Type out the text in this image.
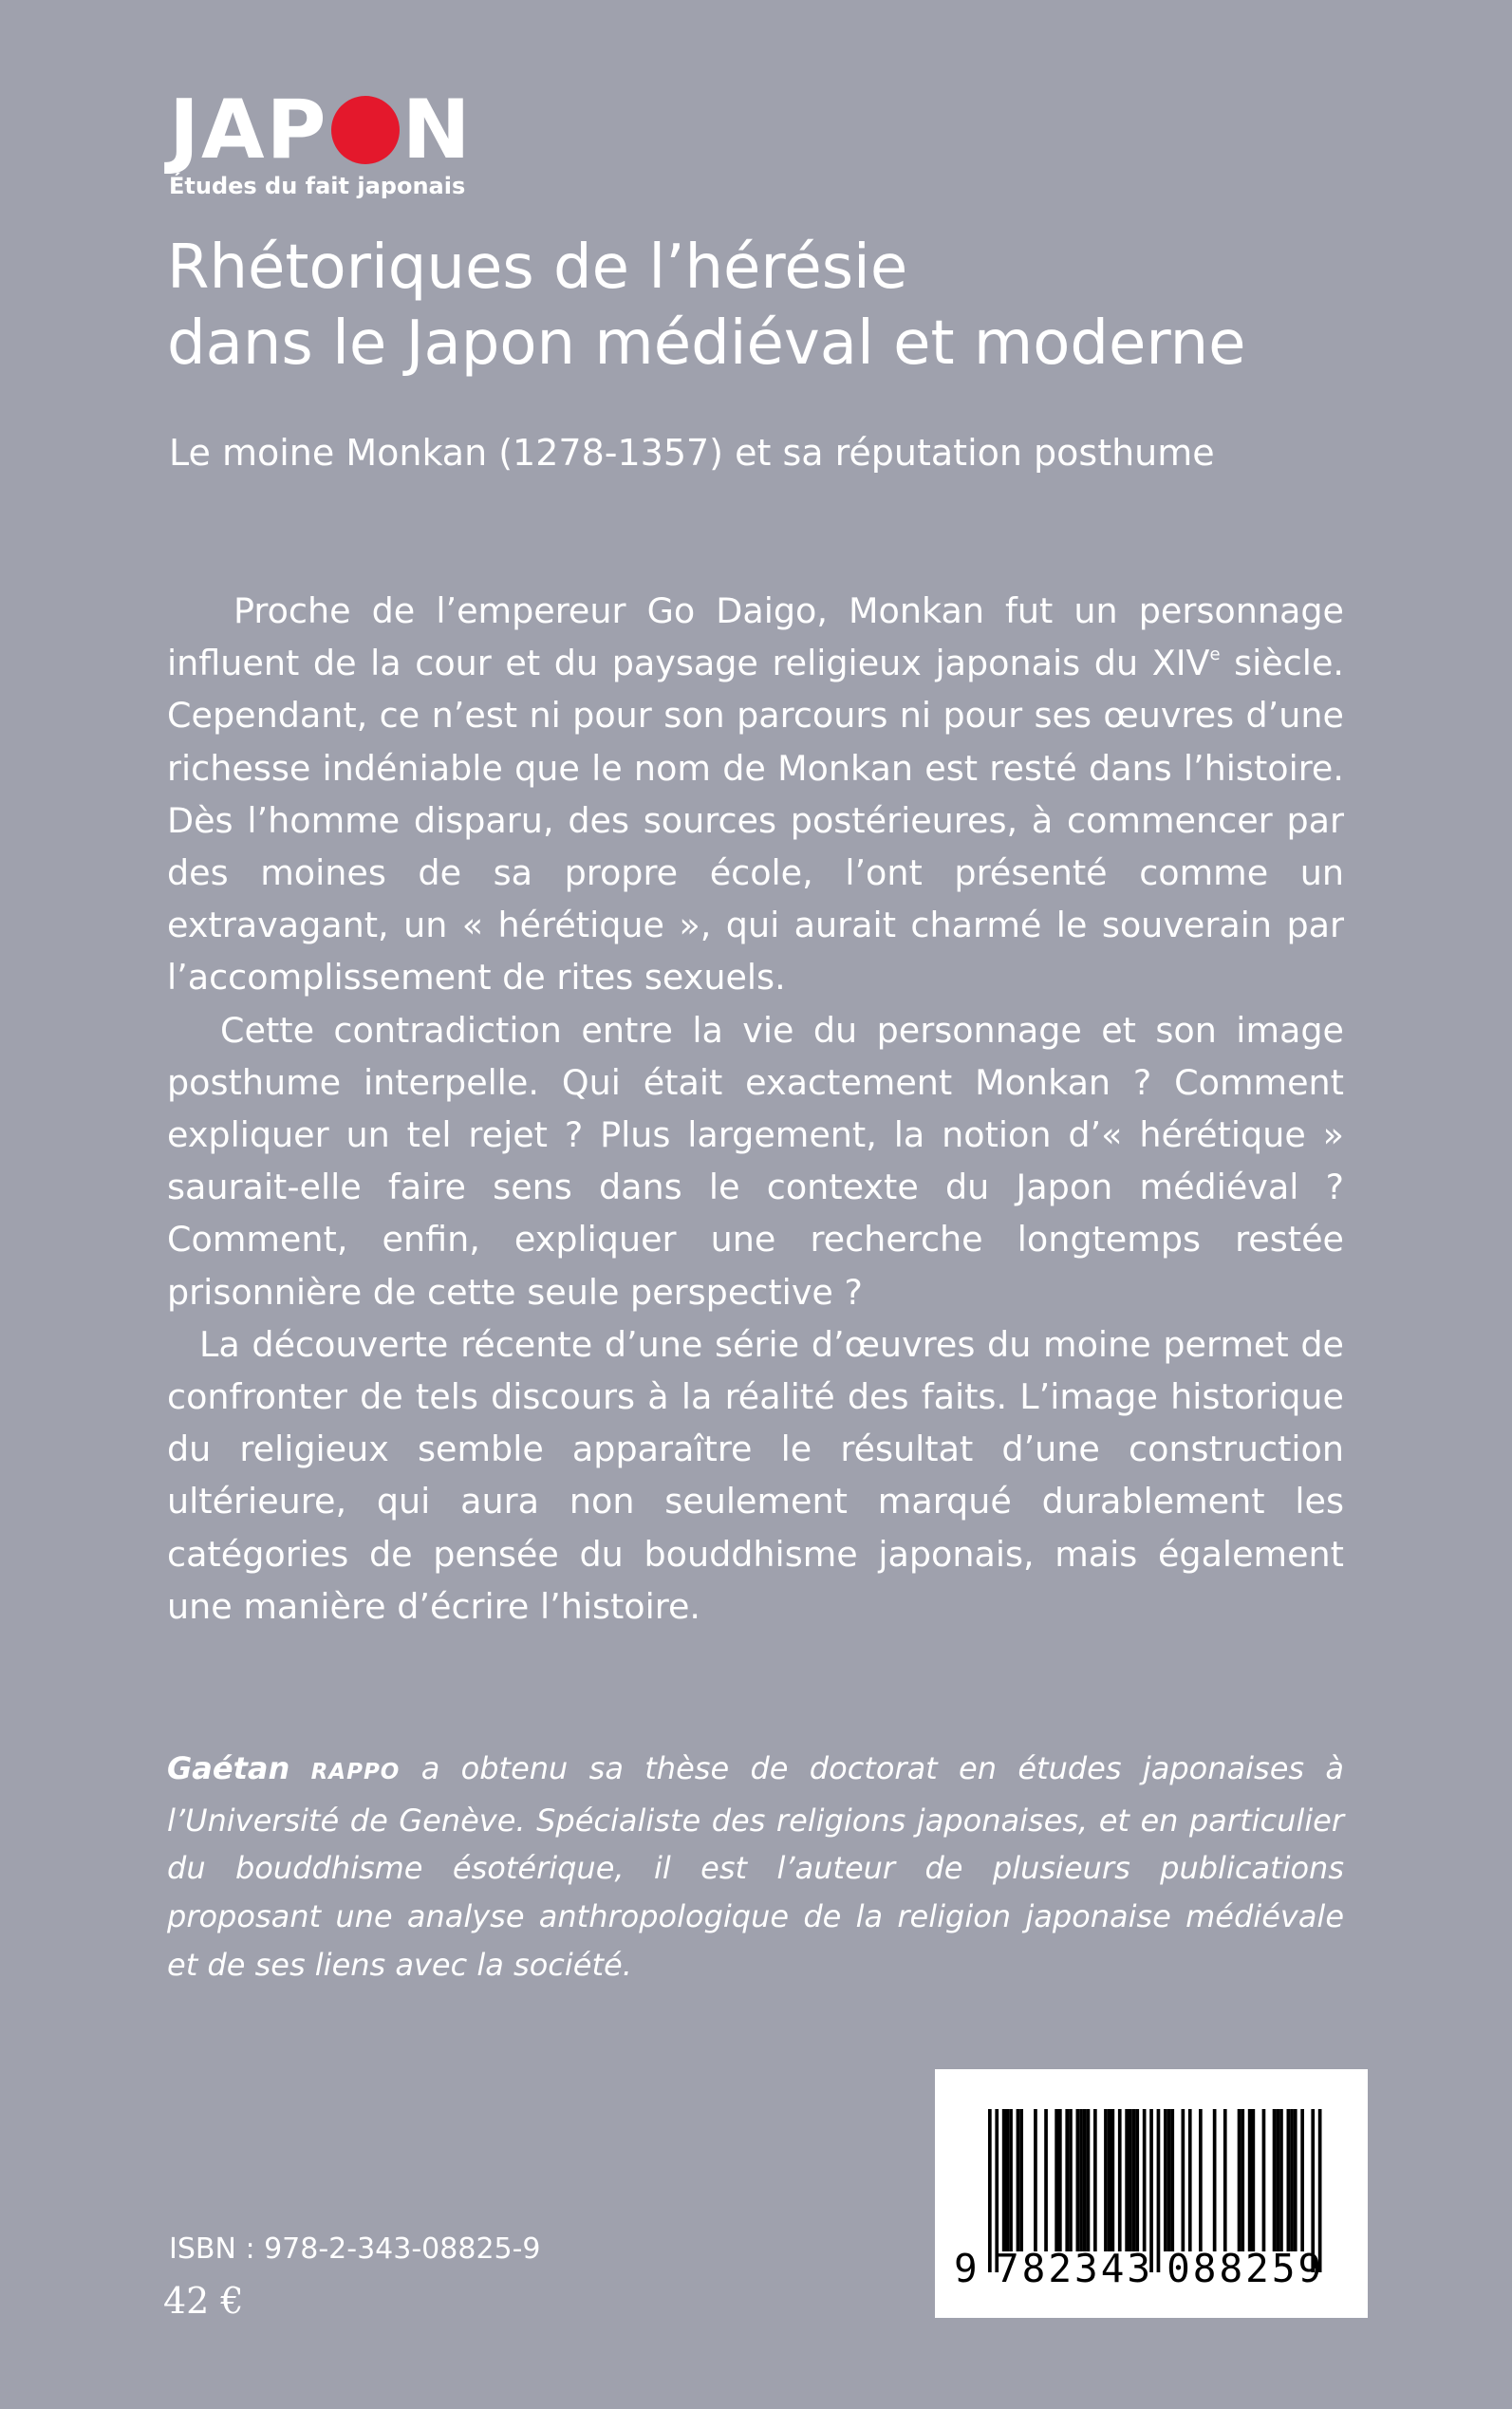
JAP N
Études du fait japonais
Rhétoriques de l’hérésie
dans le Japon médiéval et moderne
Le moine Monkan (1278-1357) et sa réputation posthume

Proche de l’empereur Go Daigo, Monkan fut un personnage influent de la cour et du paysage religieux japonais du XIVe siècle. Cependant, ce n’est ni pour son parcours ni pour ses œuvres d’une richesse indéniable que le nom de Monkan est resté dans l’histoire. Dès l’homme disparu, des sources postérieures, à commencer par des moines de sa propre école, l’ont présenté comme un extravagant, un « hérétique », qui aurait charmé le souverain par l’accomplissement de rites sexuels.

Cette contradiction entre la vie du personnage et son image posthume interpelle. Qui était exactement Monkan ? Comment expliquer un tel rejet ? Plus largement, la notion d’« hérétique » saurait-elle faire sens dans le contexte du Japon médiéval ? Comment, enfin, expliquer une recherche longtemps restée prisonnière de cette seule perspective ?

La découverte récente d’une série d’œuvres du moine permet de confronter de tels discours à la réalité des faits. L’image historique du religieux semble apparaître le résultat d’une construction ultérieure, qui aura non seulement marqué durablement les catégories de pensée du bouddhisme japonais, mais également une manière d’écrire l’histoire.

Gaétan RAPPO a obtenu sa thèse de doctorat en études japonaises à l’Université de Genève. Spécialiste des religions japonaises, et en particulier du bouddhisme ésotérique, il est l’auteur de plusieurs publications proposant une analyse anthropologique de la religion japonaise médiévale et de ses liens avec la société.

ISBN : 978-2-343-08825-9
42 €
9 782343 088259
